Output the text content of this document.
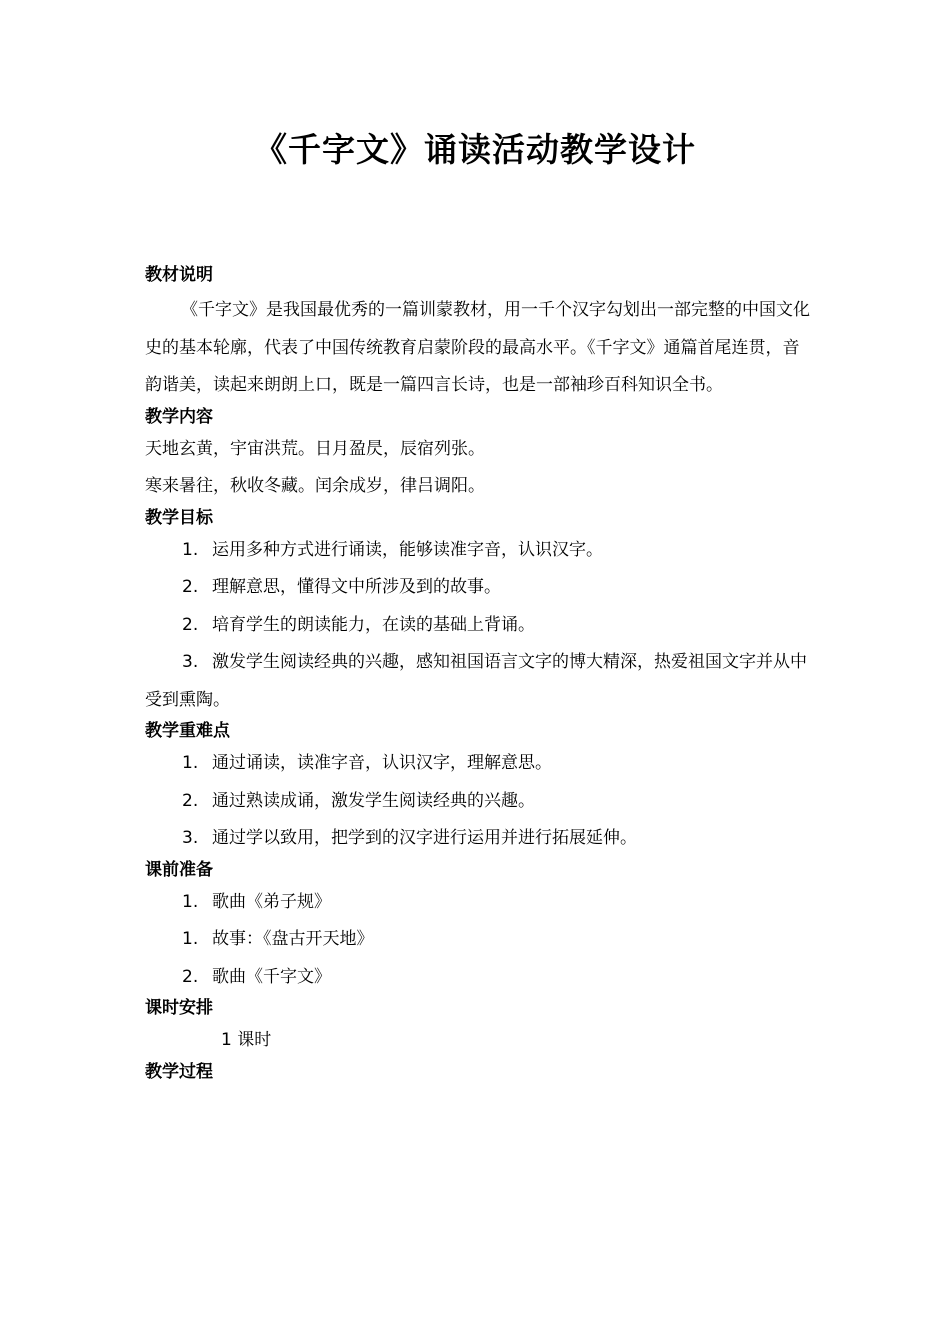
《千字文》诵读活动教学设计
教材说明
《千字文》是我国最优秀的一篇训蒙教材，用一千个汉字勾划出一部完整的中国文化史的基本轮廓，代表了中国传统教育启蒙阶段的最高水平。《千字文》通篇首尾连贯，音韵谐美，读起来朗朗上口，既是一篇四言长诗，也是一部袖珍百科知识全书。
教学内容
天地玄黄，宇宙洪荒。日月盈昃，辰宿列张。
寒来暑往，秋收冬藏。闰余成岁，律吕调阳。
教学目标
1. 运用多种方式进行诵读，能够读准字音，认识汉字。
2. 理解意思，懂得文中所涉及到的故事。
2. 培育学生的朗读能力，在读的基础上背诵。
3. 激发学生阅读经典的兴趣，感知祖国语言文字的博大精深，热爱祖国文字并从中受到熏陶。
教学重难点
1. 通过诵读，读准字音，认识汉字，理解意思。
2. 通过熟读成诵，激发学生阅读经典的兴趣。
3. 通过学以致用，把学到的汉字进行运用并进行拓展延伸。
课前准备
1. 歌曲《弟子规》
1. 故事：《盘古开天地》
2. 歌曲《千字文》
课时安排
1 课时
教学过程
